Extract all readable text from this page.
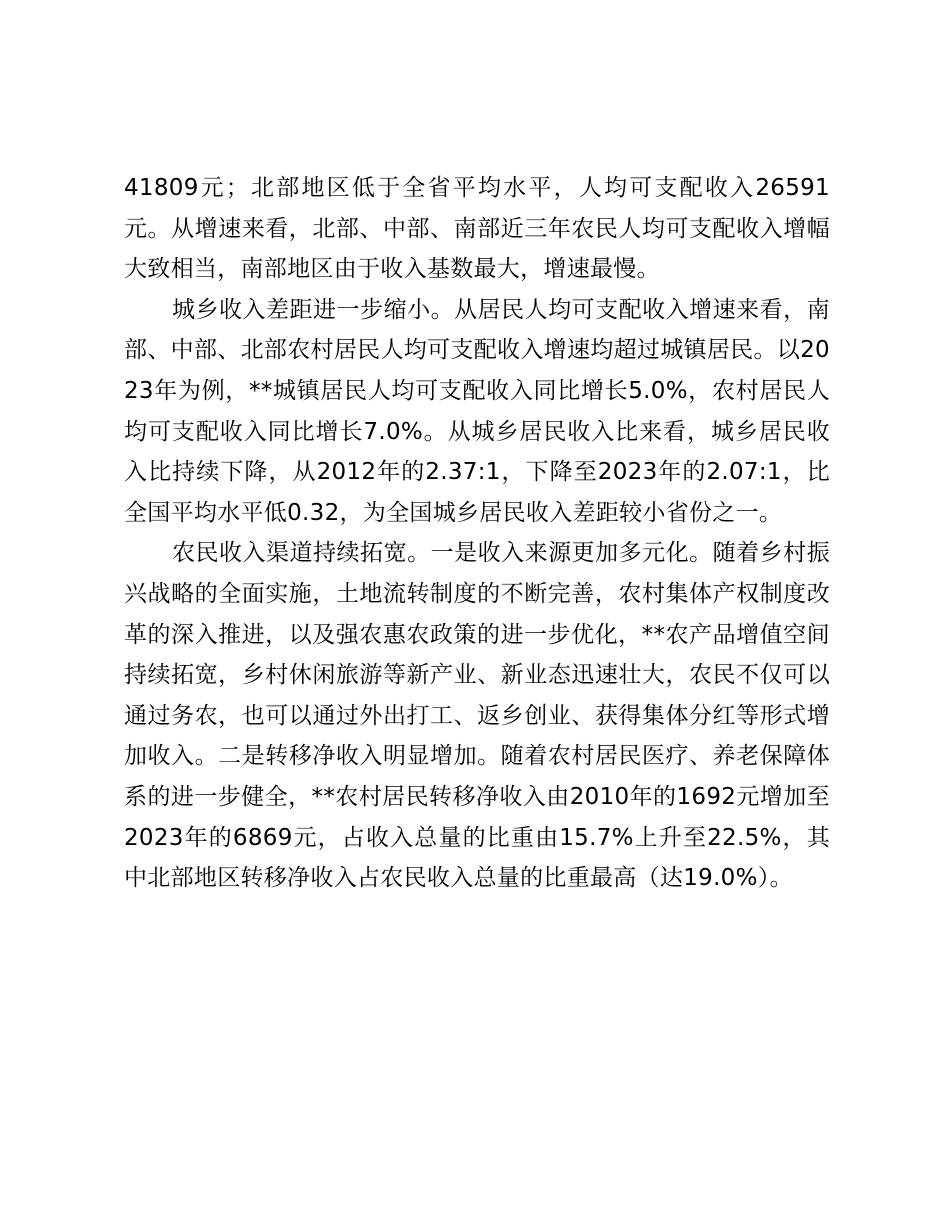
41809元；北部地区低于全省平均水平，人均可支配收入26591元。从增速来看，北部、中部、南部近三年农民人均可支配收入增幅大致相当，南部地区由于收入基数最大，增速最慢。

城乡收入差距进一步缩小。从居民人均可支配收入增速来看，南部、中部、北部农村居民人均可支配收入增速均超过城镇居民。以2023年为例，**城镇居民人均可支配收入同比增长5.0%，农村居民人均可支配收入同比增长7.0%。从城乡居民收入比来看，城乡居民收入比持续下降，从2012年的2.37:1，下降至2023年的2.07:1，比全国平均水平低0.32，为全国城乡居民收入差距较小省份之一。

农民收入渠道持续拓宽。一是收入来源更加多元化。随着乡村振兴战略的全面实施，土地流转制度的不断完善，农村集体产权制度改革的深入推进，以及强农惠农政策的进一步优化，**农产品增值空间持续拓宽，乡村休闲旅游等新产业、新业态迅速壮大，农民不仅可以通过务农，也可以通过外出打工、返乡创业、获得集体分红等形式增加收入。二是转移净收入明显增加。随着农村居民医疗、养老保障体系的进一步健全，**农村居民转移净收入由2010年的1692元增加至2023年的6869元，占收入总量的比重由15.7%上升至22.5%，其中北部地区转移净收入占农民收入总量的比重最高（达19.0%）。
